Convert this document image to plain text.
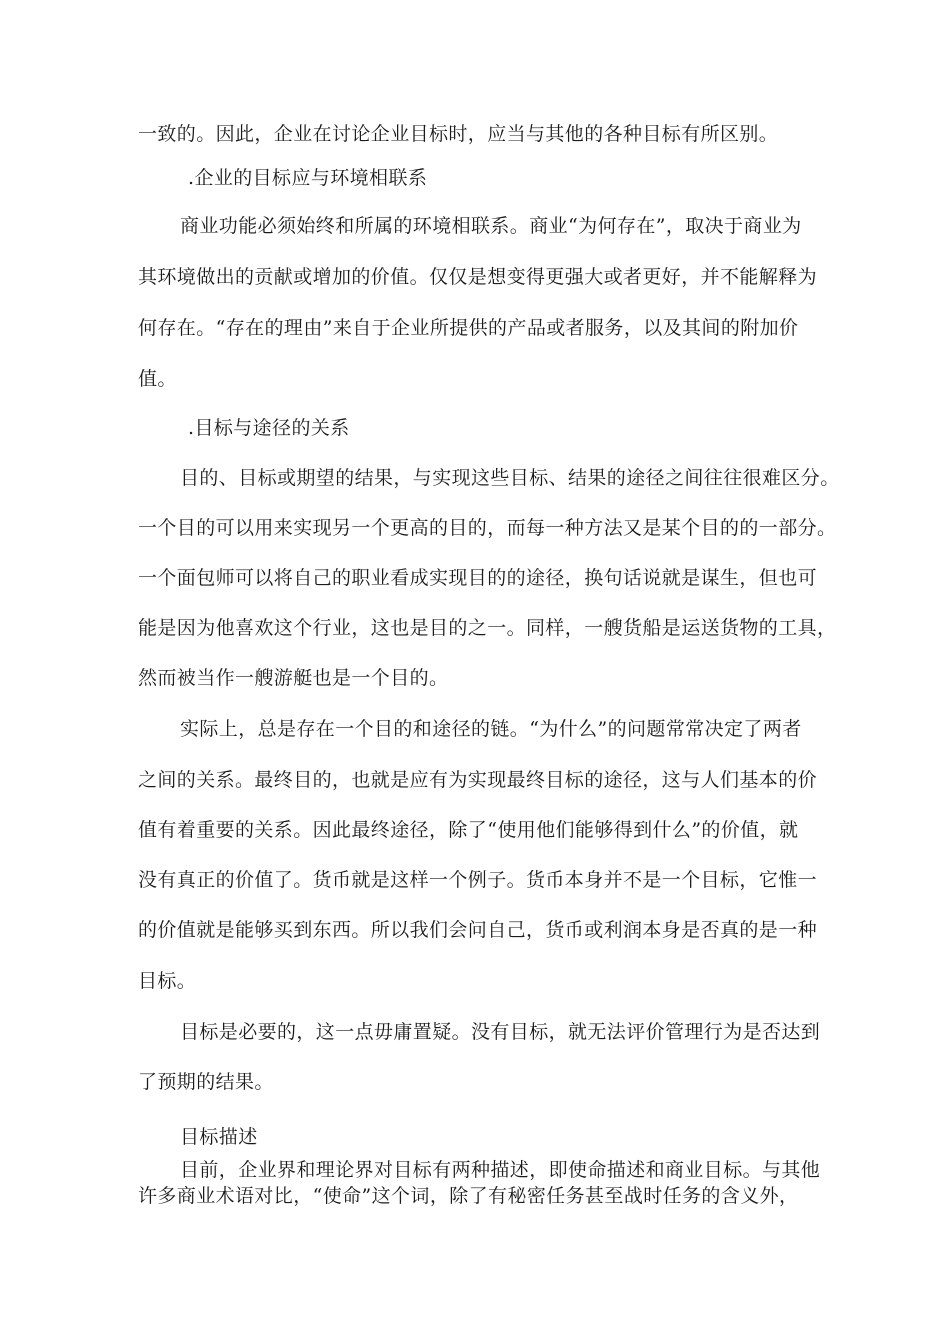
一致的。因此，企业在讨论企业目标时，应当与其他的各种目标有所区别。
.企业的目标应与环境相联系
商业功能必须始终和所属的环境相联系。商业“为何存在”，取决于商业为
其环境做出的贡献或增加的价值。仅仅是想变得更强大或者更好，并不能解释为
何存在。“存在的理由”来自于企业所提供的产品或者服务，以及其间的附加价
值。
.目标与途径的关系
目的、目标或期望的结果，与实现这些目标、结果的途径之间往往很难区分。
一个目的可以用来实现另一个更高的目的，而每一种方法又是某个目的的一部分。
一个面包师可以将自己的职业看成实现目的的途径，换句话说就是谋生，但也可
能是因为他喜欢这个行业，这也是目的之一。同样，一艘货船是运送货物的工具，
然而被当作一艘游艇也是一个目的。
实际上，总是存在一个目的和途径的链。“为什么”的问题常常决定了两者
之间的关系。最终目的，也就是应有为实现最终目标的途径，这与人们基本的价
值有着重要的关系。因此最终途径，除了“使用他们能够得到什么”的价值，就
没有真正的价值了。货币就是这样一个例子。货币本身并不是一个目标，它惟一
的价值就是能够买到东西。所以我们会问自己，货币或利润本身是否真的是一种
目标。
目标是必要的，这一点毋庸置疑。没有目标，就无法评价管理行为是否达到
了预期的结果。
目标描述
目前，企业界和理论界对目标有两种描述，即使命描述和商业目标。与其他
许多商业术语对比，“使命”这个词，除了有秘密任务甚至战时任务的含义外，
